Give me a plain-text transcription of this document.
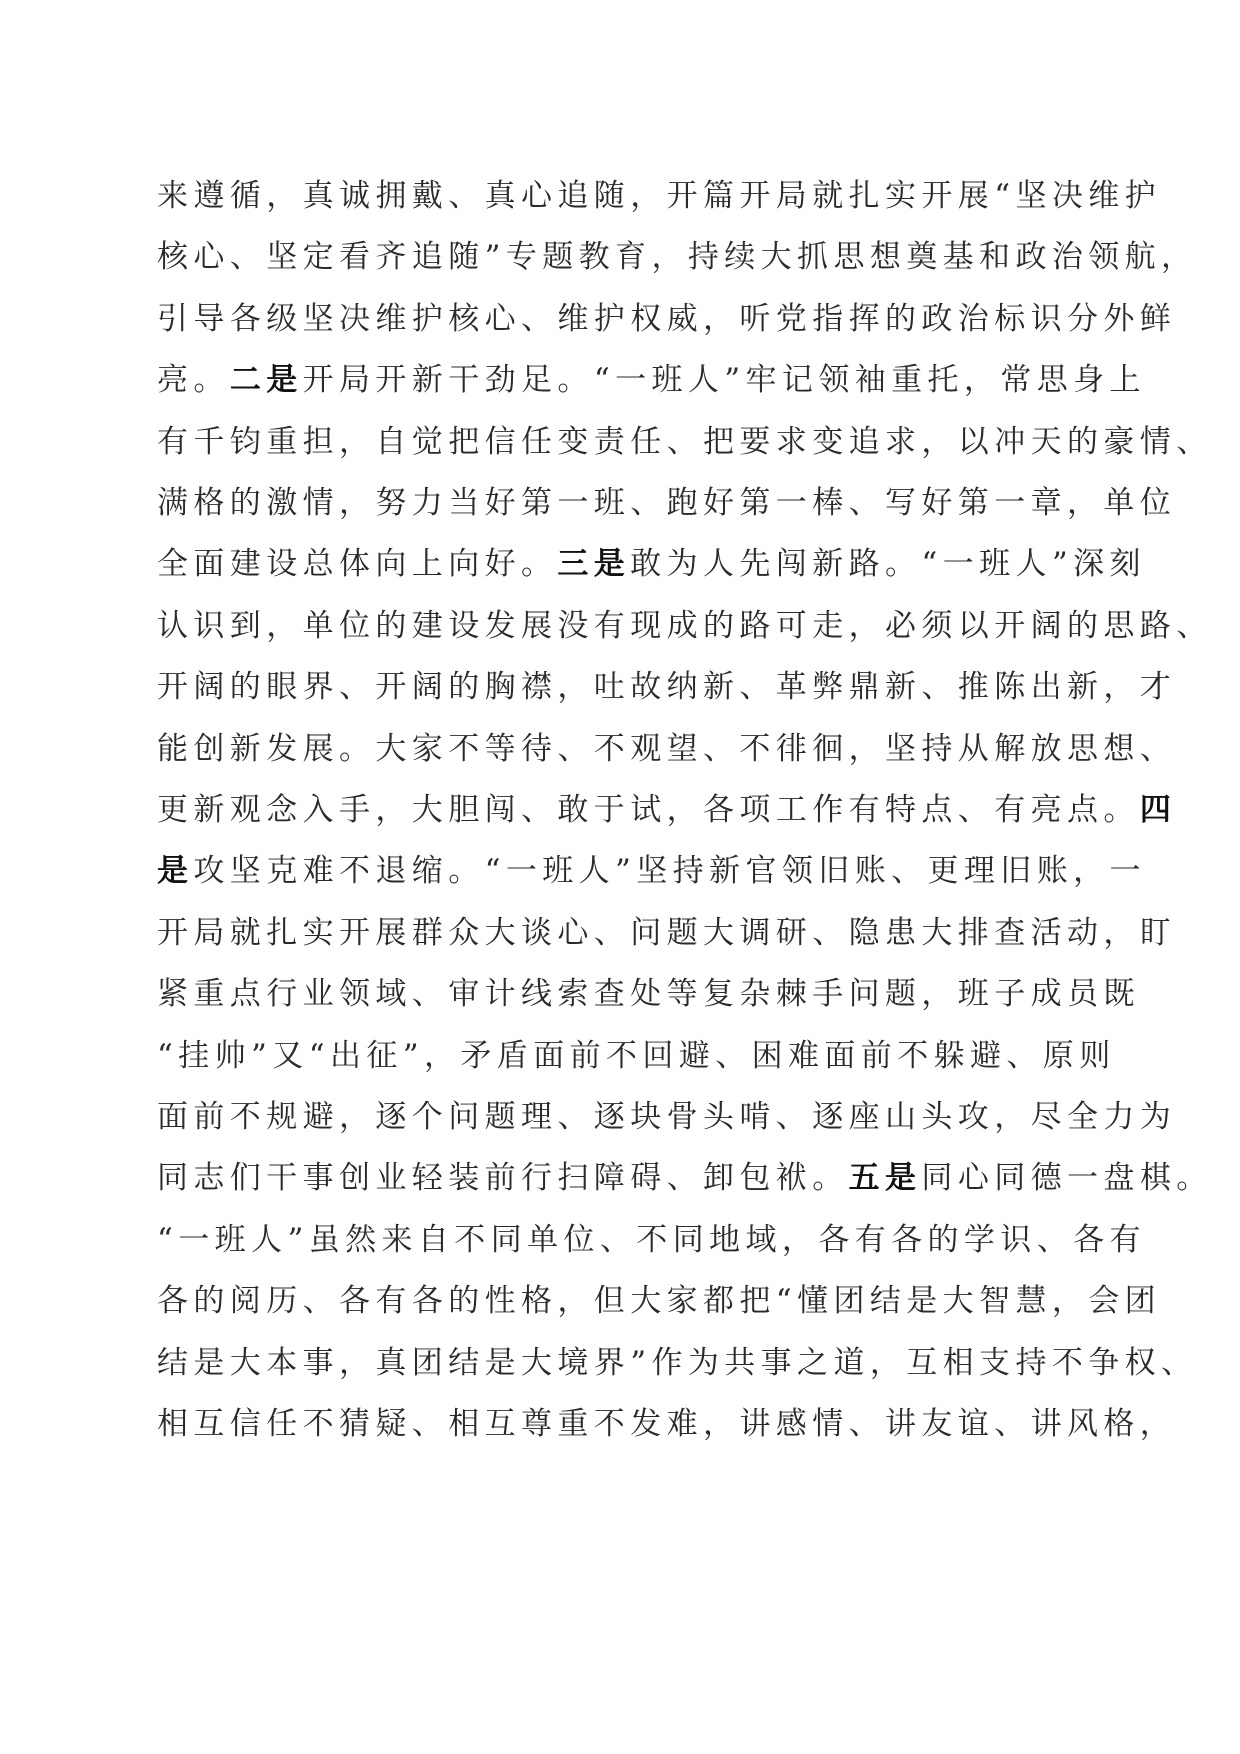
来遵循，真诚拥戴、真心追随，开篇开局就扎实开展“坚决维护
核心、坚定看齐追随”专题教育，持续大抓思想奠基和政治领航，
引导各级坚决维护核心、维护权威，听党指挥的政治标识分外鲜
亮。二是开局开新干劲足。“一班人”牢记领袖重托，常思身上
有千钧重担，自觉把信任变责任、把要求变追求，以冲天的豪情、
满格的激情，努力当好第一班、跑好第一棒、写好第一章，单位
全面建设总体向上向好。三是敢为人先闯新路。“一班人”深刻
认识到，单位的建设发展没有现成的路可走，必须以开阔的思路、
开阔的眼界、开阔的胸襟，吐故纳新、革弊鼎新、推陈出新，才
能创新发展。大家不等待、不观望、不徘徊，坚持从解放思想、
更新观念入手，大胆闯、敢于试，各项工作有特点、有亮点。四
是攻坚克难不退缩。“一班人”坚持新官领旧账、更理旧账，一
开局就扎实开展群众大谈心、问题大调研、隐患大排查活动，盯
紧重点行业领域、审计线索查处等复杂棘手问题，班子成员既
“挂帅”又“出征”，矛盾面前不回避、困难面前不躲避、原则
面前不规避，逐个问题理、逐块骨头啃、逐座山头攻，尽全力为
同志们干事创业轻装前行扫障碍、卸包袱。五是同心同德一盘棋。
“一班人”虽然来自不同单位、不同地域，各有各的学识、各有
各的阅历、各有各的性格，但大家都把“懂团结是大智慧，会团
结是大本事，真团结是大境界”作为共事之道，互相支持不争权、
相互信任不猜疑、相互尊重不发难，讲感情、讲友谊、讲风格，
